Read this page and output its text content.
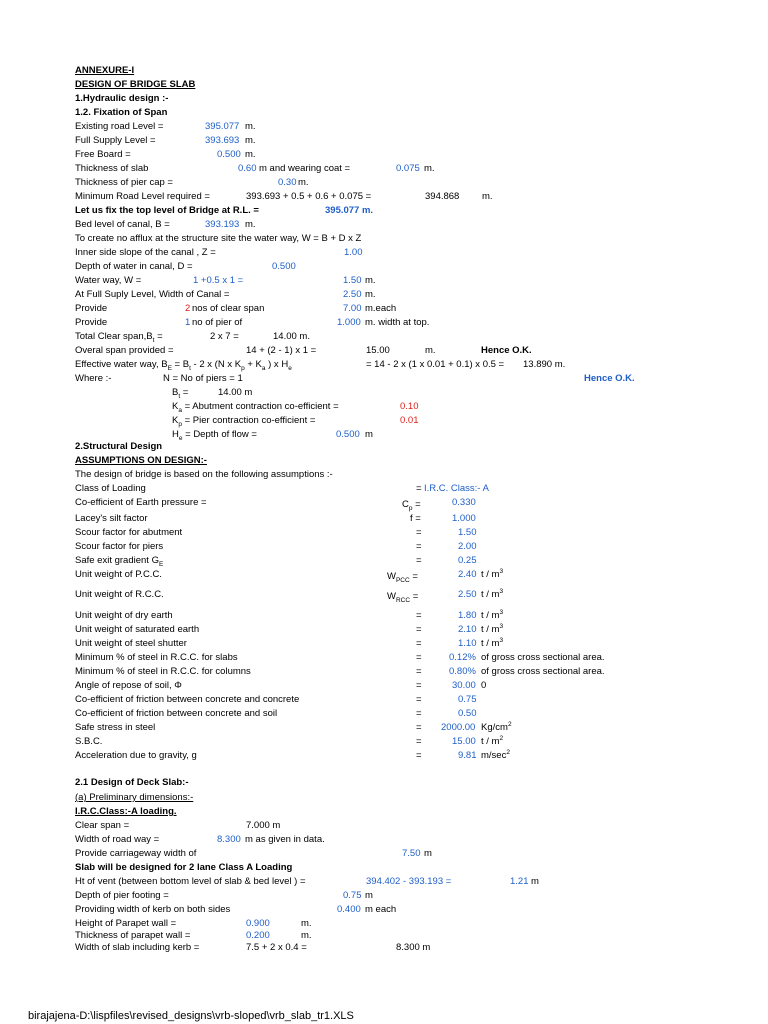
ANNEXURE-I
DESIGN OF BRIDGE SLAB
1.Hydraulic design :-
1.2. Fixation of Span
Existing road Level =	395.077 m.
Full Supply Level =	393.693 m.
Free Board =	0.500 m.
Thickness of slab	0.60 m and wearing coat =	0.075 m.
Thickness of pier cap =	0.30 m.
Minimum Road Level required =	393.693 + 0.5 + 0.6 + 0.075 =	394.868 m.
Let us fix the top level of Bridge at R.L. =	395.077 m.
Bed level of canal, B =	393.193 m.
To create no afflux at the structure site the water way, W = B + D x Z
Inner side slope of the canal , Z =	1.00
Depth of water in canal, D =	0.500
Water way, W =	1 +0.5 x 1 =	1.50 m.
At Full Suply Level, Width of Canal =	2.50 m.
Provide	2 nos of clear span	7.00 m.each
Provide	1 no of pier of	1.000 m. width at top.
Total Clear $span,B_t$ =	2 x 7 =	14.00 m.
Overal span provided =	14 + (2 - 1) x 1 =	15.00	m.	Hence O.K.
Effective water way, $B_E = B_t - 2$ x (N x $K_p + K_a$ ) x $H_e$	= 14 - 2 x (1 x 0.01 + 0.1) x 0.5 = 13.890 m.
Where :-	N = No of piers = 1	Hence O.K.
$B_t$ =	14.00 m
$K_a$ = Abutment contraction co-efficient =	0.10
$K_p$ = Pier contraction co-efficient =	0.01
$H_e$ = Depth of flow =	0.500 m
2.Structural Design
ASSUMPTIONS ON DESIGN:-
The design of bridge is based on the following assumptions :-
Class of Loading	= I.R.C. Class:- A
Co-efficient of Earth pressure =	$C_p$ =	0.330
Lacey's silt factor	f =	1.000
Scour factor for abutment	=	1.50
Scour factor for piers	=	2.00
Safe exit gradient $G_E$	=	0.25
Unit weight of P.C.C.	$W_{PCC}$ =	2.40 t / $m^3$
Unit weight of R.C.C.	$W_{RCC}$ =	2.50 t / $m^3$
Unit weight of dry earth	=	1.80 t / $m^3$
Unit weight of saturated earth	=	2.10 t / $m^3$
Unit weight of steel shutter	=	1.10 t / $m^3$
Minimum % of steel in R.C.C. for slabs	=	0.12% of gross cross sectional area.
Minimum % of steel in R.C.C. for columns	=	0.80% of gross cross sectional area.
Angle of repose of soil, Φ	=	30.00 0
Co-efficient of friction between concrete and concrete	=	0.75
Co-efficient of friction between concrete and soil	=	0.50
Safe stress in steel	= 2000.00 $Kg/cm^2$
S.B.C.	=	15.00 t / $m^2$
Acceleration due to gravity, g	=	9.81 $m/\sec^2$
2.1 Design of Deck Slab:-
(a) Preliminary dimensions:-
I.R.C.Class:-A loading.
Clear span =	7.000 m
Width of road way =	8.300 m as given in data.
Provide carriageway width of	7.50 m
Slab will be designed for 2 lane Class A Loading
Ht of vent (between bottom level of slab & bed level ) =	394.402 - 393.193 =	1.21 m
Depth of pier footing =	0.75 m
Providing width of kerb on both sides	0.400 m each
Height of Parapet wall =	0.900	m.
Thickness of parapet wall =	0.200	m.
Width of slab including kerb =	7.5 + 2 x 0.4 =	8.300 m
birajajena-D:\lispfiles\revised_designs\vrb-sloped\vrb_slab_tr1.XLS
